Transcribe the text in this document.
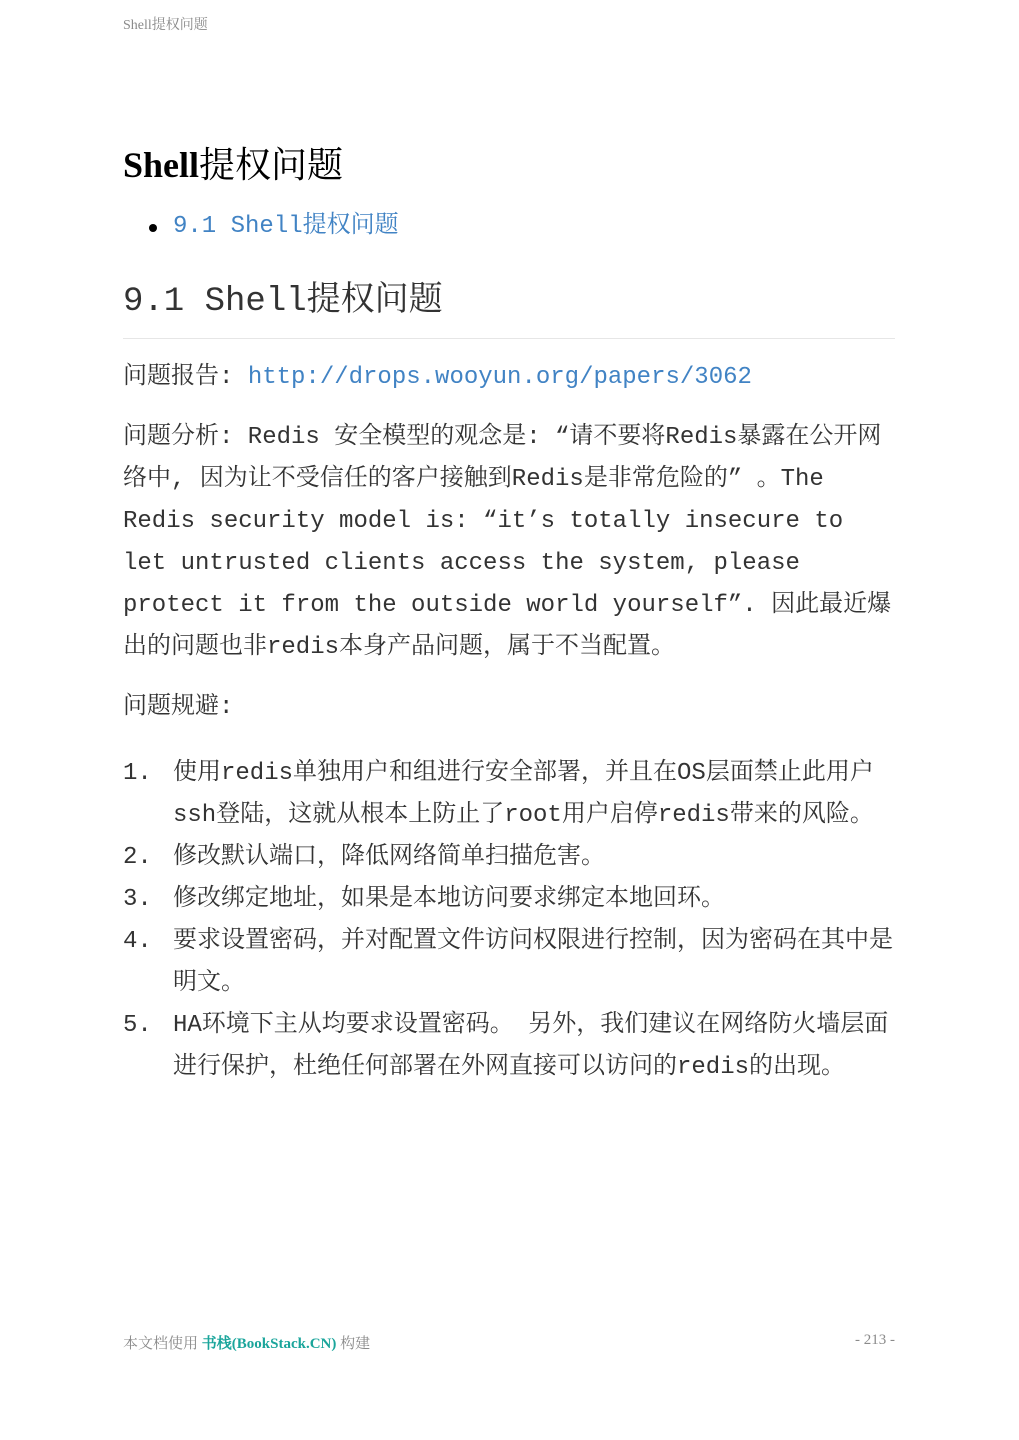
Shell提权问题
Shell提权问题
9.1 Shell提权问题
9.1 Shell提权问题

问题报告: http://drops.wooyun.org/papers/3062

问题分析: Redis 安全模型的观念是: “请不要将Redis暴露在公开网络中, 因为让不受信任的客户接触到Redis是非常危险的” 。The Redis security model is: “it’s totally insecure to let untrusted clients access the system, please protect it from the outside world yourself”. 因此最近爆出的问题也非redis本身产品问题，属于不当配置。

问题规避:

1. 使用redis单独用户和组进行安全部署，并且在OS层面禁止此用户ssh登陆，这就从根本上防止了root用户启停redis带来的风险。
2. 修改默认端口，降低网络简单扫描危害。
3. 修改绑定地址，如果是本地访问要求绑定本地回环。
4. 要求设置密码，并对配置文件访问权限进行控制，因为密码在其中是明文。
5. HA环境下主从均要求设置密码。 另外，我们建议在网络防火墙层面进行保护，杜绝任何部署在外网直接可以访问的redis的出现。
本文档使用 书栈(BookStack.CN) 构建	- 213 -
